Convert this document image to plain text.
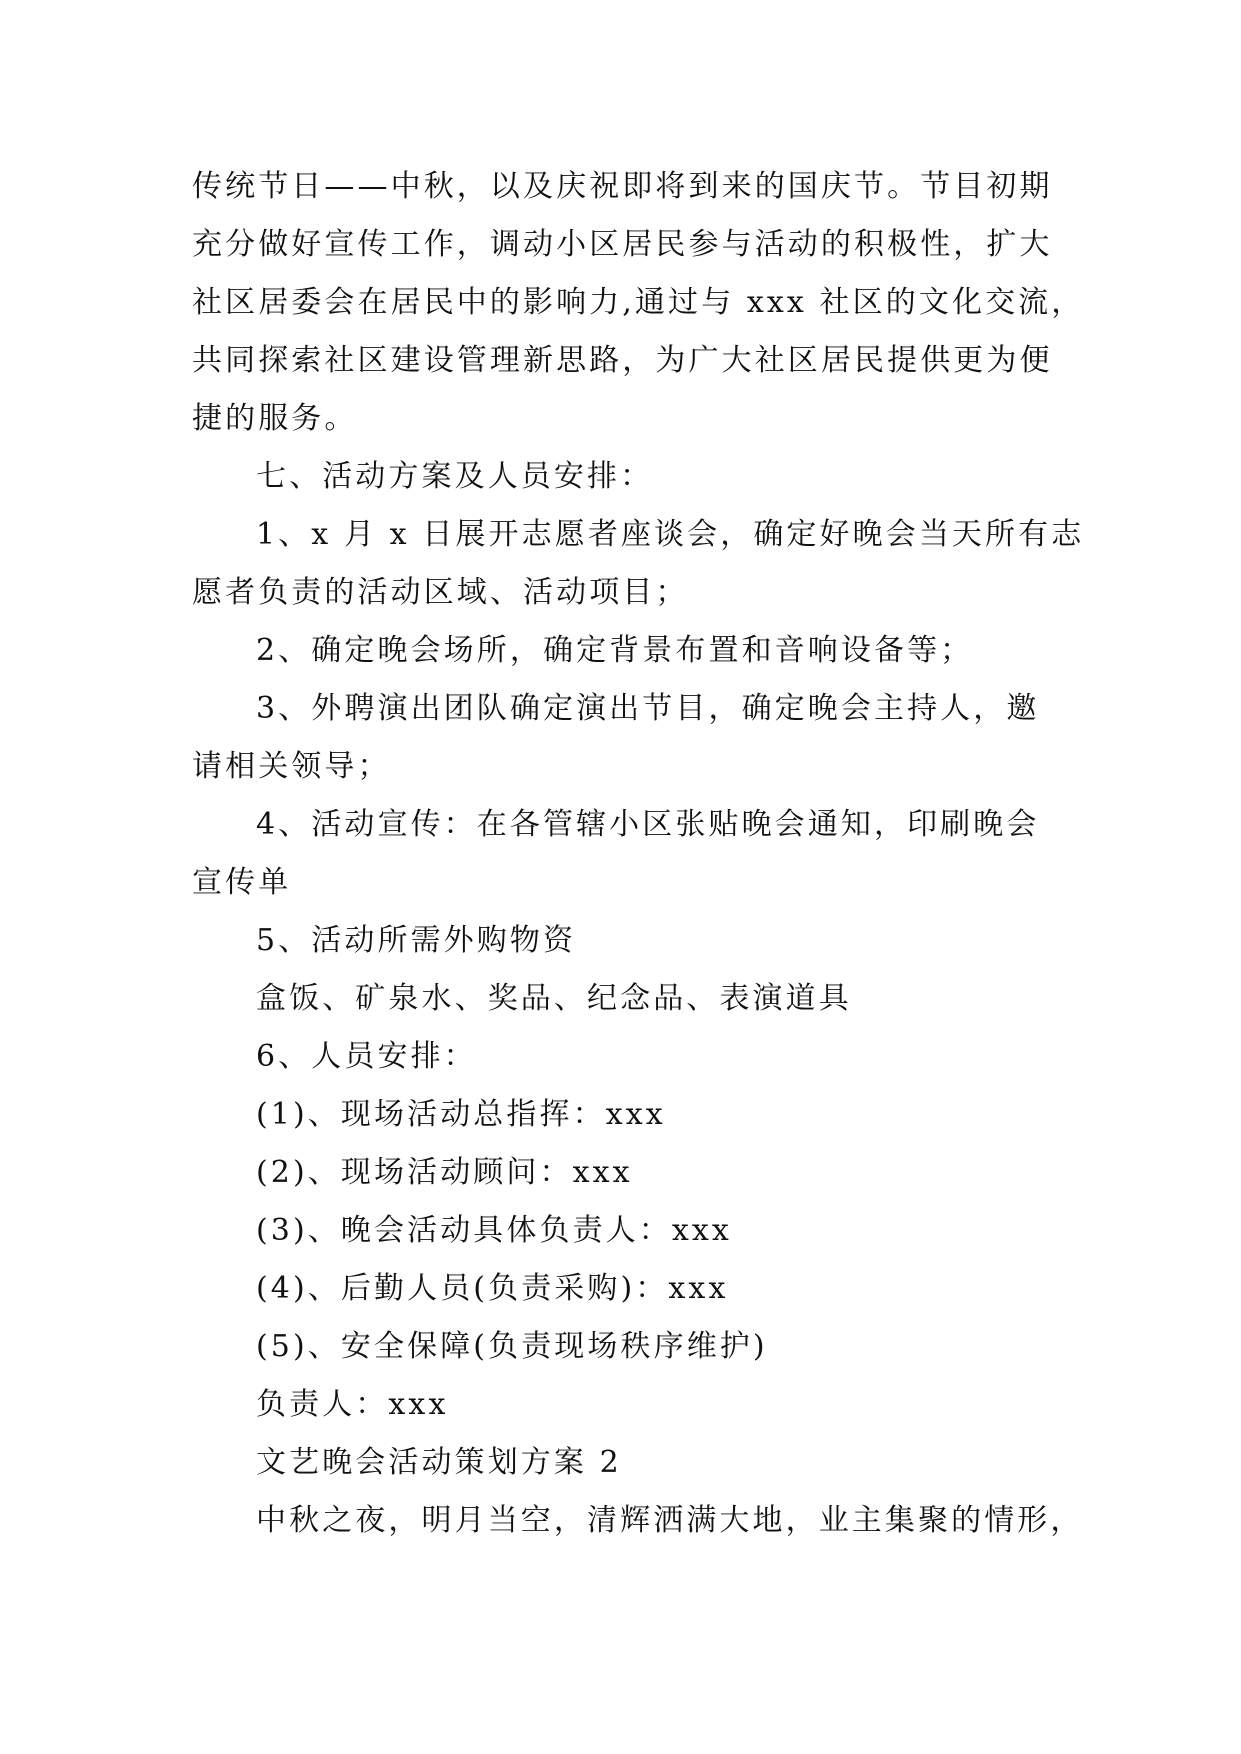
传统节日——中秋，以及庆祝即将到来的国庆节。节目初期
充分做好宣传工作，调动小区居民参与活动的积极性，扩大
社区居委会在居民中的影响力,通过与 xxx 社区的文化交流，
共同探索社区建设管理新思路，为广大社区居民提供更为便
捷的服务。
七、活动方案及人员安排：
1、x 月 x 日展开志愿者座谈会，确定好晚会当天所有志
愿者负责的活动区域、活动项目；
2、确定晚会场所，确定背景布置和音响设备等；
3、外聘演出团队确定演出节目，确定晚会主持人，邀
请相关领导；
4、活动宣传：在各管辖小区张贴晚会通知，印刷晚会
宣传单
5、活动所需外购物资
盒饭、矿泉水、奖品、纪念品、表演道具
6、人员安排：
(1)、现场活动总指挥：xxx
(2)、现场活动顾问：xxx
(3)、晚会活动具体负责人：xxx
(4)、后勤人员(负责采购)：xxx
(5)、安全保障(负责现场秩序维护)
负责人：xxx
文艺晚会活动策划方案 2
中秋之夜，明月当空，清辉洒满大地，业主集聚的情形，
